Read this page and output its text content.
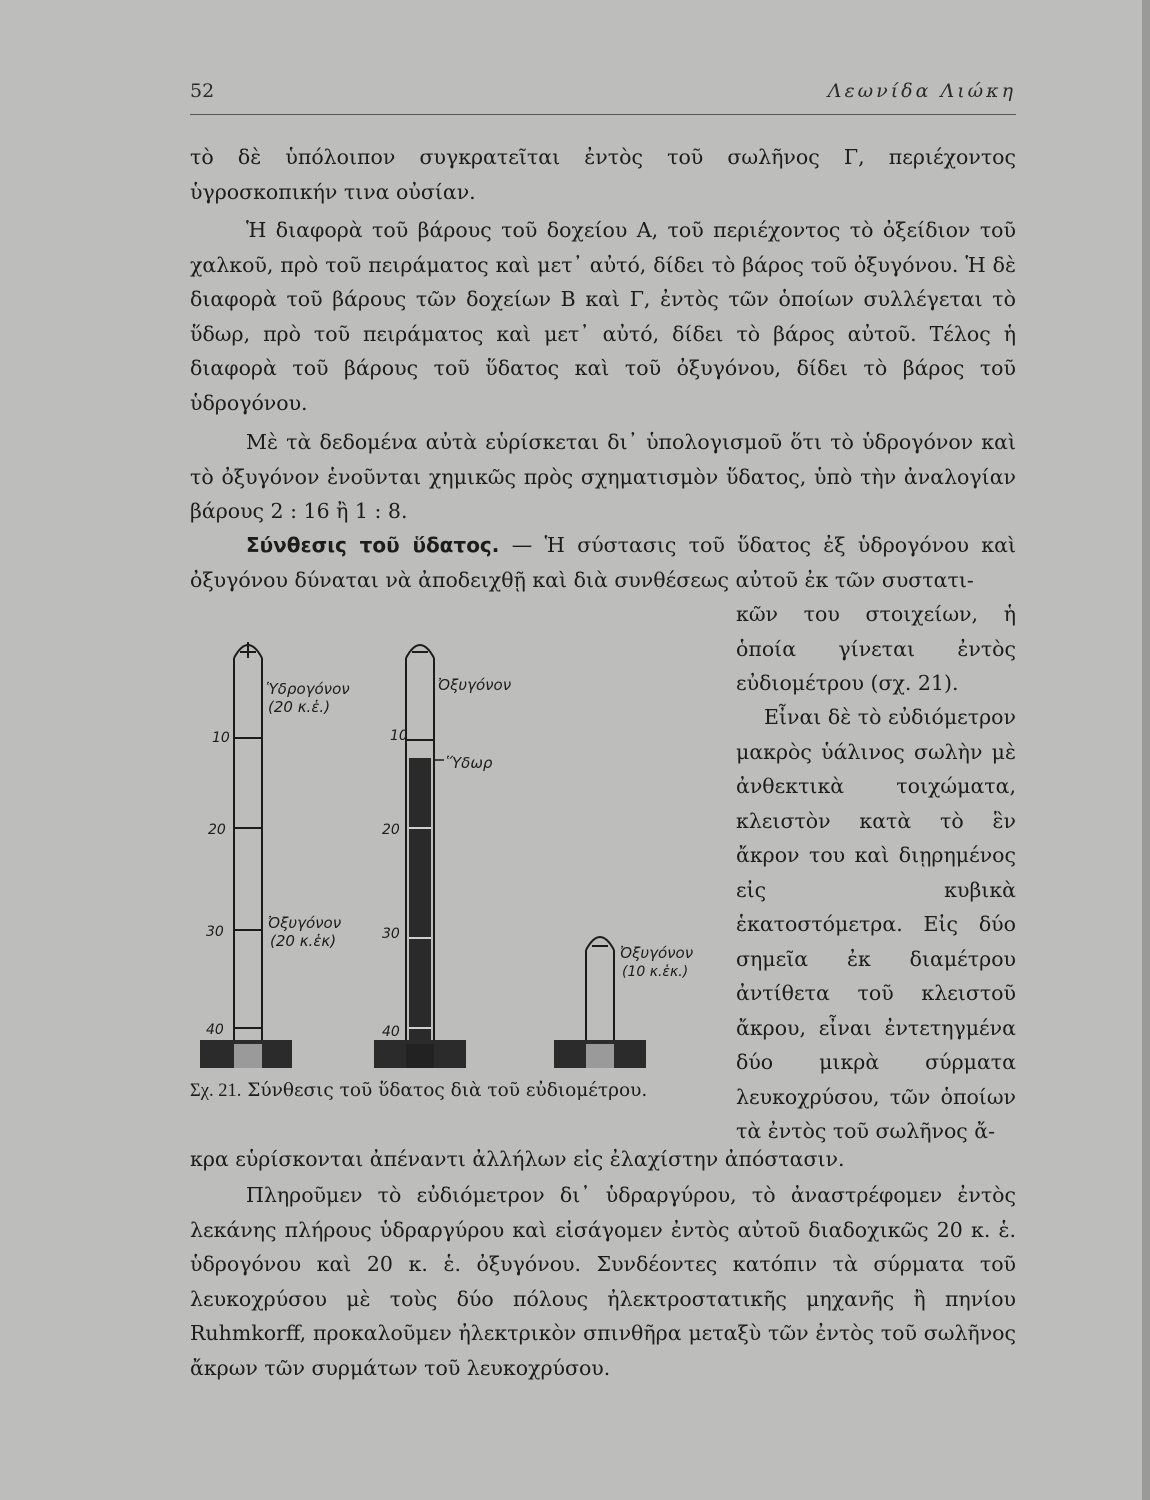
52	Λεωνίδα Λιώκη
τὸ δὲ ὑπόλοιπον συγκρατεῖται ἐντὸς τοῦ σωλῆνος Γ, περιέχοντος ὑγροσκοπικήν τινα οὐσίαν.
Ἡ διαφορὰ τοῦ βάρους τοῦ δοχείου Α, τοῦ περιέχοντος τὸ ὀξείδιον τοῦ χαλκοῦ, πρὸ τοῦ πειράματος καὶ μετ᾽ αὐτό, δίδει τὸ βάρος τοῦ ὀξυγόνου. Ἡ δὲ διαφορὰ τοῦ βάρους τῶν δοχείων Β καὶ Γ, ἐντὸς τῶν ὁποίων συλλέγεται τὸ ὕδωρ, πρὸ τοῦ πειράματος καὶ μετ᾽ αὐτό, δίδει τὸ βάρος αὐτοῦ. Τέλος ἡ διαφορὰ τοῦ βάρους τοῦ ὕδατος καὶ τοῦ ὀξυγόνου, δίδει τὸ βάρος τοῦ ὑδρογόνου.
Μὲ τὰ δεδομένα αὐτὰ εὑρίσκεται δι᾽ ὑπολογισμοῦ ὅτι τὸ ὑδρογόνον καὶ τὸ ὀξυγόνον ἑνοῦνται χημικῶς πρὸς σχηματισμὸν ὕδατος, ὑπὸ τὴν ἀναλογίαν βάρους 2 : 16 ἢ 1 : 8.
Σύνθεσις τοῦ ὕδατος. — Ἡ σύστασις τοῦ ὕδατος ἐξ ὑδρογόνου καὶ ὀξυγόνου δύναται νὰ ἀποδειχθῇ καὶ διὰ συνθέσεως αὐτοῦ ἐκ τῶν συστατι-
κῶν του στοιχείων, ἡ ὁποία γίνεται ἐντὸς εὐδιομέτρου (σχ. 21).
Εἶναι δὲ τὸ εὐδιόμετρον μακρὸς ὑάλινος σωλὴν μὲ ἀνθεκτικὰ τοιχώματα, κλειστὸν κατὰ τὸ ἓν ἄκρον του καὶ διῃρημένος εἰς κυβικὰ ἑκατοστόμετρα. Εἰς δύο σημεῖα ἐκ διαμέτρου ἀντίθετα τοῦ κλειστοῦ ἄκρου, εἶναι ἐντετηγμένα δύο μικρὰ σύρματα λευκοχρύσου, τῶν ὁποίων τὰ ἐντὸς τοῦ σωλῆνος ἄ-
κρα εὑρίσκονται ἀπέναντι ἀλλήλων εἰς ἐλαχίστην ἀπόστασιν.
Πληροῦμεν τὸ εὐδιόμετρον δι᾽ ὑδραργύρου, τὸ ἀναστρέφομεν ἐντὸς λεκάνης πλήρους ὑδραργύρου καὶ εἰσάγομεν ἐντὸς αὐτοῦ διαδοχικῶς 20 κ. ἑ. ὑδρογόνου καὶ 20 κ. ἑ. ὀξυγόνου. Συνδέοντες κατόπιν τὰ σύρματα τοῦ λευκοχρύσου μὲ τοὺς δύο πόλους ἠλεκτροστατικῆς μηχανῆς ἢ πηνίου Ruhmkorff, προκαλοῦμεν ἠλεκτρικὸν σπινθῆρα μεταξὺ τῶν ἐντὸς τοῦ σωλῆνος ἄκρων τῶν συρμάτων τοῦ λευκοχρύσου.
Ὑδρογόνον
(20 κ.ἑ.)
Ὀξυγόνον
(20 κ.ἑκ)
10
20
30
40
Ὀξυγόνον
Ὕδωρ
10
20
30
40
Ὀξυγόνον
(10 κ.ἑκ.)
Σχ. 21. Σύνθεσις τοῦ ὕδατος διὰ τοῦ εὐδιομέτρου.
